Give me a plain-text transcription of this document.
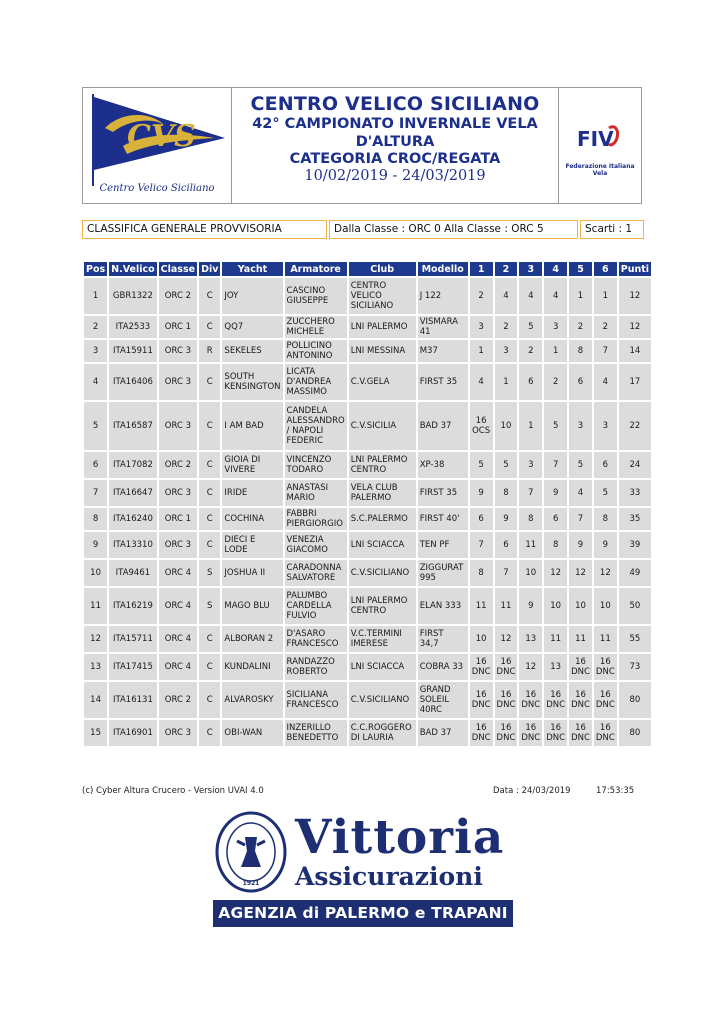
CVS
Centro Velico Siciliano
CENTRO VELICO SICILIANO
42° CAMPIONATO INVERNALE VELA
D'ALTURA
CATEGORIA CROC/REGATA
10/02/2019 - 24/03/2019
FIV
Federazione Italiana Vela
CLASSIFICA GENERALE PROVVISORIA	Dalla Classe : ORC 0 Alla Classe : ORC 5	Scarti : 1
Pos	N.Velico	Classe	Div	Yacht	Armatore	Club	Modello	1	2	3	4	5	6	Punti
1	GBR1322	ORC 2	C	JOY	CASCINO
GIUSEPPE	CENTRO
VELICO
SICILIANO	J 122	2	4	4	4	1	1	12
2	ITA2533	ORC 1	C	QQ7	ZUCCHERO
MICHELE	LNI PALERMO	VISMARA
41	3	2	5	3	2	2	12
3	ITA15911	ORC 3	R	SEKELES	POLLICINO
ANTONINO	LNI MESSINA	M37	1	3	2	1	8	7	14
4	ITA16406	ORC 3	C	SOUTH
KENSINGTON	LICATA
D'ANDREA
MASSIMO	C.V.GELA	FIRST 35	4	1	6	2	6	4	17
5	ITA16587	ORC 3	C	I AM BAD	CANDELA
ALESSANDRO
/ NAPOLI
FEDERIC	C.V.SICILIA	BAD 37	16
OCS	10	1	5	3	3	22
6	ITA17082	ORC 2	C	GIOIA DI
VIVERE	VINCENZO
TODARO	LNI PALERMO
CENTRO	XP-38	5	5	3	7	5	6	24
7	ITA16647	ORC 3	C	IRIDE	ANASTASI
MARIO	VELA CLUB
PALERMO	FIRST 35	9	8	7	9	4	5	33
8	ITA16240	ORC 1	C	COCHINA	FABBRI
PIERGIORGIO	S.C.PALERMO	FIRST 40'	6	9	8	6	7	8	35
9	ITA13310	ORC 3	C	DIECI E
LODE	VENEZIA
GIACOMO	LNI SCIACCA	TEN PF	7	6	11	8	9	9	39
10	ITA9461	ORC 4	S	JOSHUA II	CARADONNA
SALVATORE	C.V.SICILIANO	ZIGGURAT
995	8	7	10	12	12	12	49
11	ITA16219	ORC 4	S	MAGO BLU	PALUMBO
CARDELLA
FULVIO	LNI PALERMO
CENTRO	ELAN 333	11	11	9	10	10	10	50
12	ITA15711	ORC 4	C	ALBORAN 2	D'ASARO
FRANCESCO	V.C.TERMINI
IMERESE	FIRST
34,7	10	12	13	11	11	11	55
13	ITA17415	ORC 4	C	KUNDALINI	RANDAZZO
ROBERTO	LNI SCIACCA	COBRA 33	16
DNC	16
DNC	12	13	16
DNC	16
DNC	73
14	ITA16131	ORC 2	C	ALVAROSKY	SICILIANA
FRANCESCO	C.V.SICILIANO	GRAND
SOLEIL
40RC	16
DNC	16
DNC	16
DNC	16
DNC	16
DNC	16
DNC	80
15	ITA16901	ORC 3	C	OBI-WAN	INZERILLO
BENEDETTO	C.C.ROGGERO
DI LAURIA	BAD 37	16
DNC	16
DNC	16
DNC	16
DNC	16
DNC	16
DNC	80
(c) Cyber Altura Crucero - Version UVAI 4.0	Data : 24/03/2019	17:53:35
1921
Vittoria
Assicurazioni
AGENZIA di PALERMO e TRAPANI
